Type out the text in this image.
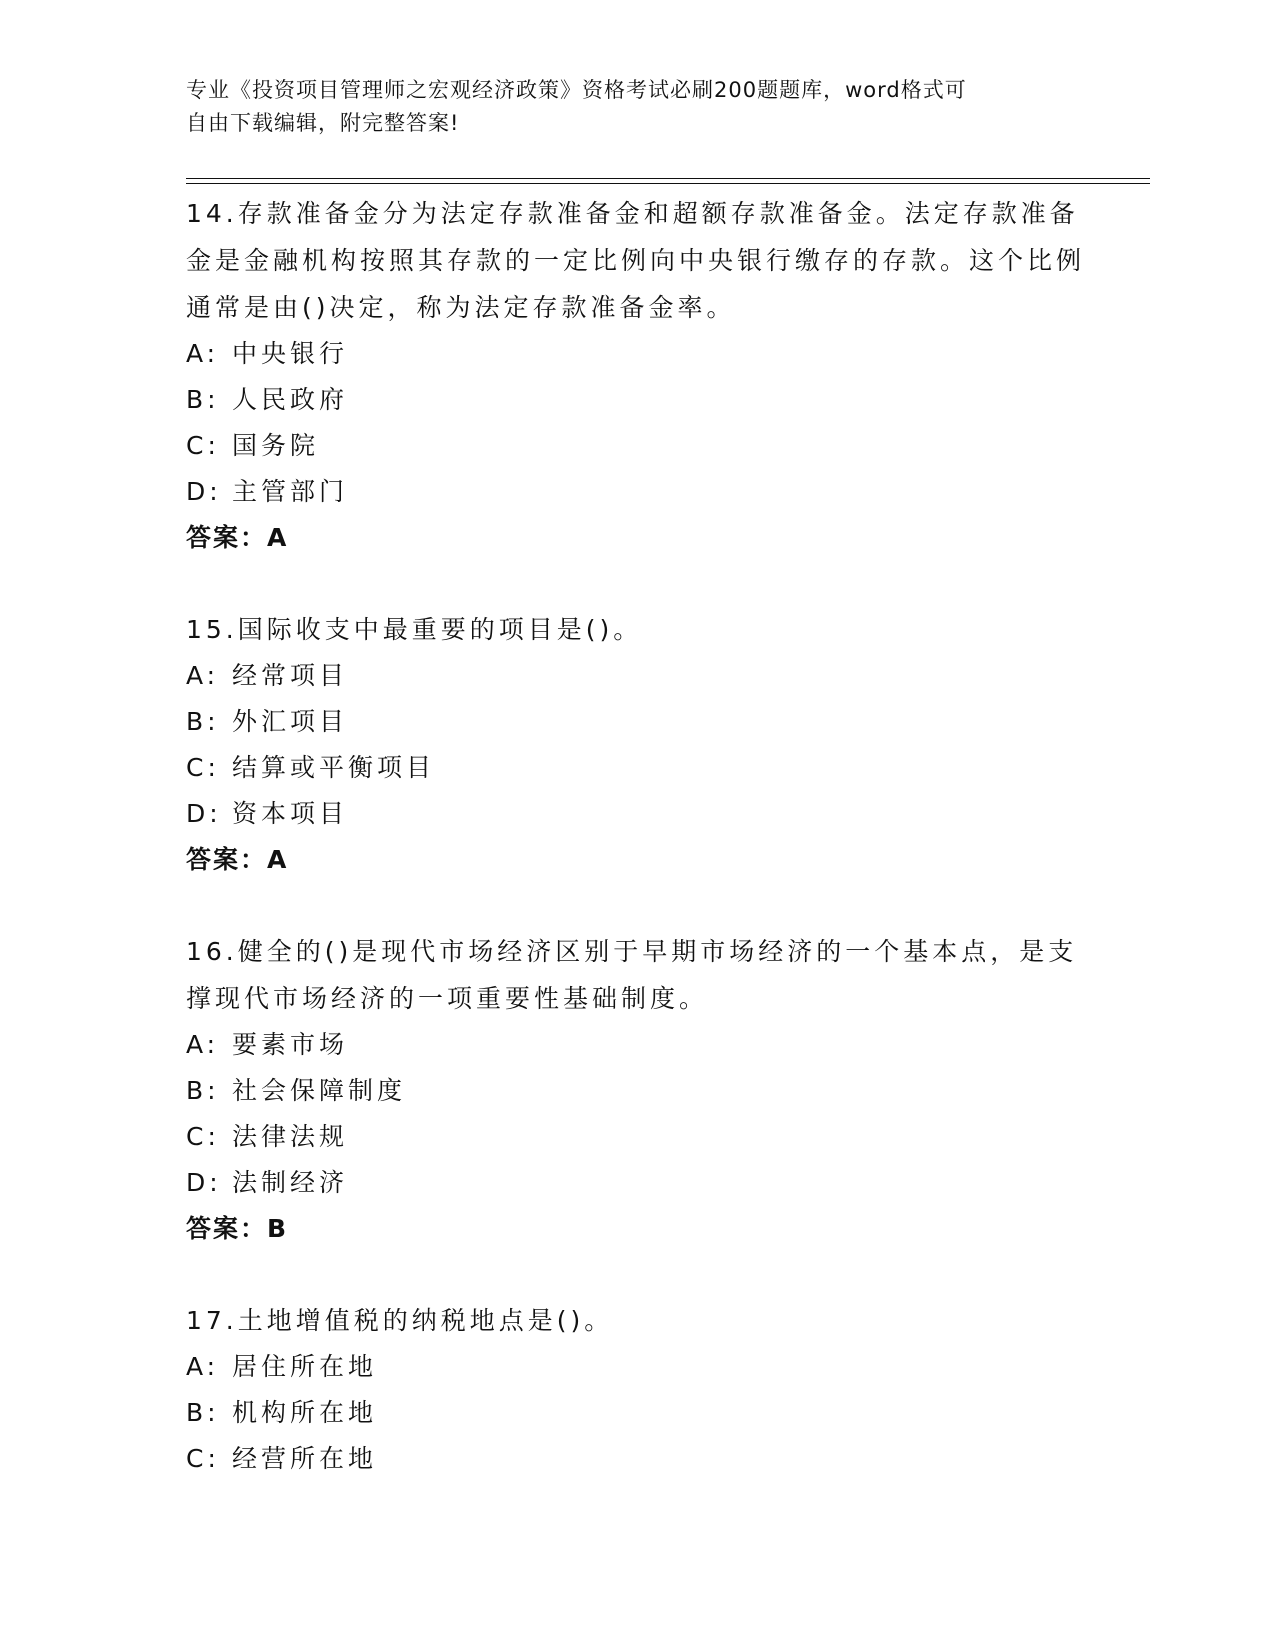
专业《投资项目管理师之宏观经济政策》资格考试必刷200题题库，word格式可
自由下载编辑，附完整答案!

14.存款准备金分为法定存款准备金和超额存款准备金。法定存款准备金是金融机构按照其存款的一定比例向中央银行缴存的存款。这个比例通常是由()决定，称为法定存款准备金率。

A: 中央银行

B: 人民政府

C: 国务院

D: 主管部门

答案：A

15.国际收支中最重要的项目是()。

A: 经常项目

B: 外汇项目

C: 结算或平衡项目

D: 资本项目

答案：A

16.健全的()是现代市场经济区别于早期市场经济的一个基本点，是支撑现代市场经济的一项重要性基础制度。

A: 要素市场

B: 社会保障制度

C: 法律法规

D: 法制经济

答案：B

17.土地增值税的纳税地点是()。

A: 居住所在地

B: 机构所在地

C: 经营所在地
